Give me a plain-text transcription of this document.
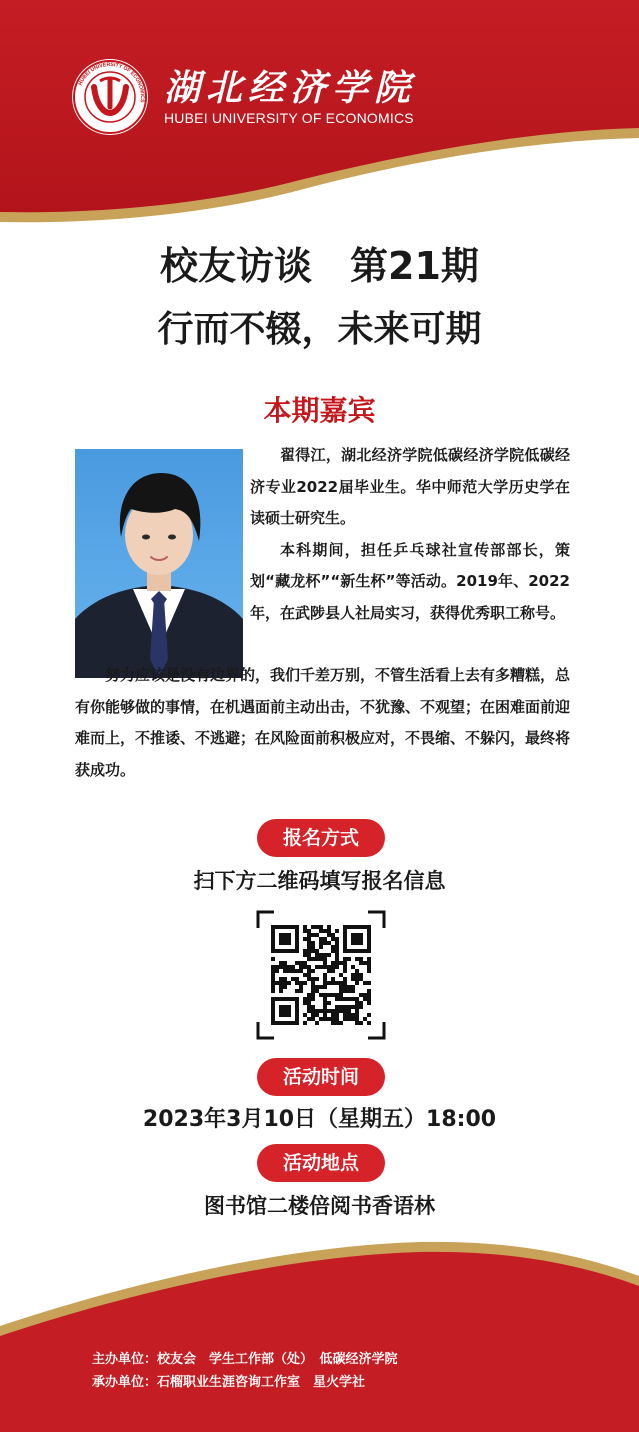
HUBEI UNIVERSITY OF ECONOMICS 湖北经济学院
HUBEI UNIVERSITY OF ECONOMICS
校友访谈　第21期
行而不辍，未来可期
本期嘉宾

翟得江，湖北经济学院低碳经济学院低碳经济专业2022届毕业生。华中师范大学历史学在读硕士研究生。

本科期间，担任乒乓球社宣传部部长，策划“藏龙杯”“新生杯”等活动。2019年、2022年，在武陟县人社局实习，获得优秀职工称号。

努力应该是没有边界的，我们千差万别，不管生活看上去有多糟糕，总有你能够做的事情，在机遇面前主动出击，不犹豫、不观望；在困难面前迎难而上，不推诿、不逃避；在风险面前积极应对，不畏缩、不躲闪，最终将获成功。

报名方式
扫下方二维码填写报名信息
活动时间
2023年3月10日（星期五）18:00
活动地点
图书馆二楼倍阅书香语林
主办单位：校友会　学生工作部（处）　低碳经济学院
承办单位：石榴职业生涯咨询工作室　星火学社
